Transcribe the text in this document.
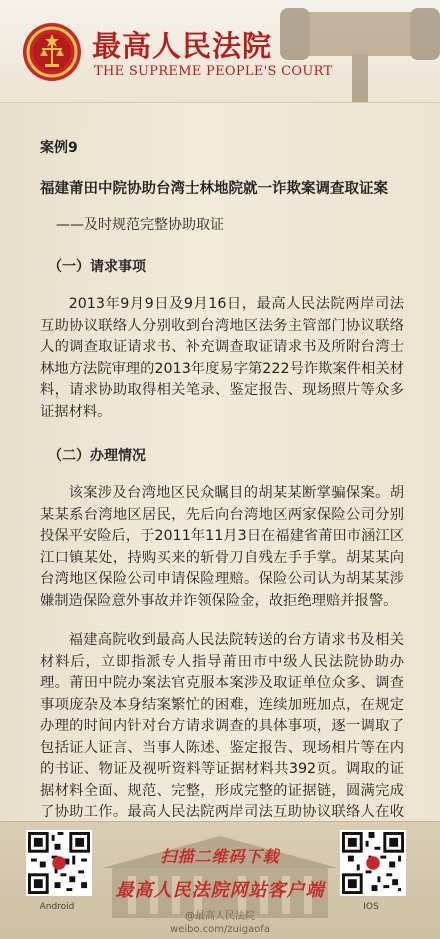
最高人民法院
THE SUPREME PEOPLE'S COURT
案例9
福建莆田中院协助台湾士林地院就一诈欺案调查取证案
——及时规范完整协助取证
（一）请求事项

2013年9月9日及9月16日，最高人民法院两岸司法互助协议联络人分别收到台湾地区法务主管部门协议联络人的调查取证请求书、补充调查取证请求书及所附台湾士林地方法院审理的2013年度易字第222号诈欺案件相关材料，请求协助取得相关笔录、鉴定报告、现场照片等众多证据材料。

（二）办理情况

该案涉及台湾地区民众瞩目的胡某某断掌骗保案。胡某某系台湾地区居民，先后向台湾地区两家保险公司分别投保平安险后，于2011年11月3日在福建省莆田市涵江区江口镇某处，持购买来的斩骨刀自残左手手掌。胡某某向台湾地区保险公司申请保险理赔。保险公司认为胡某某涉嫌制造保险意外事故并诈领保险金，故拒绝理赔并报警。

福建高院收到最高人民法院转送的台方请求书及相关材料后，立即指派专人指导莆田市中级人民法院协助办理。莆田中院办案法官克服本案涉及取证单位众多、调查事项庞杂及本身结案繁忙的困难，连续加班加点，在规定办理的时间内针对台方请求调查的具体事项，逐一调取了包括证人证言、当事人陈述、鉴定报告、现场相片等在内的书证、物证及视听资料等证据材料共392页。调取的证据材料全面、规范、完整，形成完整的证据链，圆满完成了协助工作。最高人民法院两岸司法互助协议联络人在收

Android
扫描二维码下载
最高人民法院网站客户端
IOS
@最高人民法院
weibo.com/zuigaofa
